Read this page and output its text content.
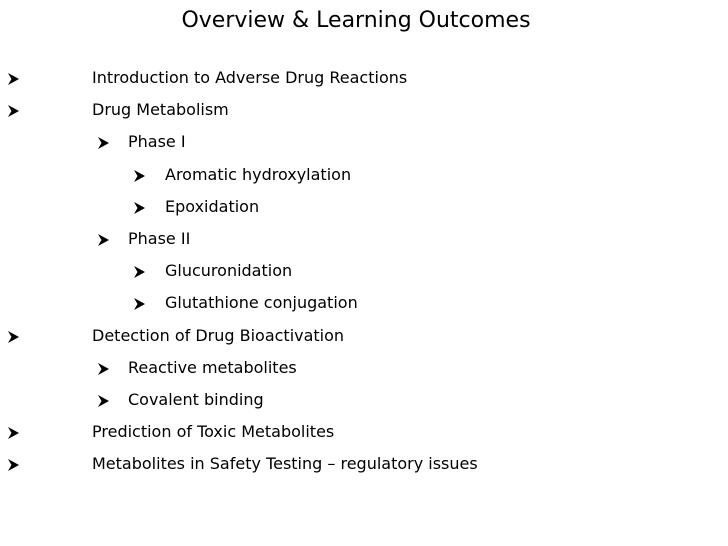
Overview & Learning Outcomes
Introduction to Adverse Drug Reactions
Drug Metabolism
Phase I
Aromatic hydroxylation
Epoxidation
Phase II
Glucuronidation
Glutathione conjugation
Detection of Drug Bioactivation
Reactive metabolites
Covalent binding
Prediction of Toxic Metabolites
Metabolites in Safety Testing – regulatory issues
